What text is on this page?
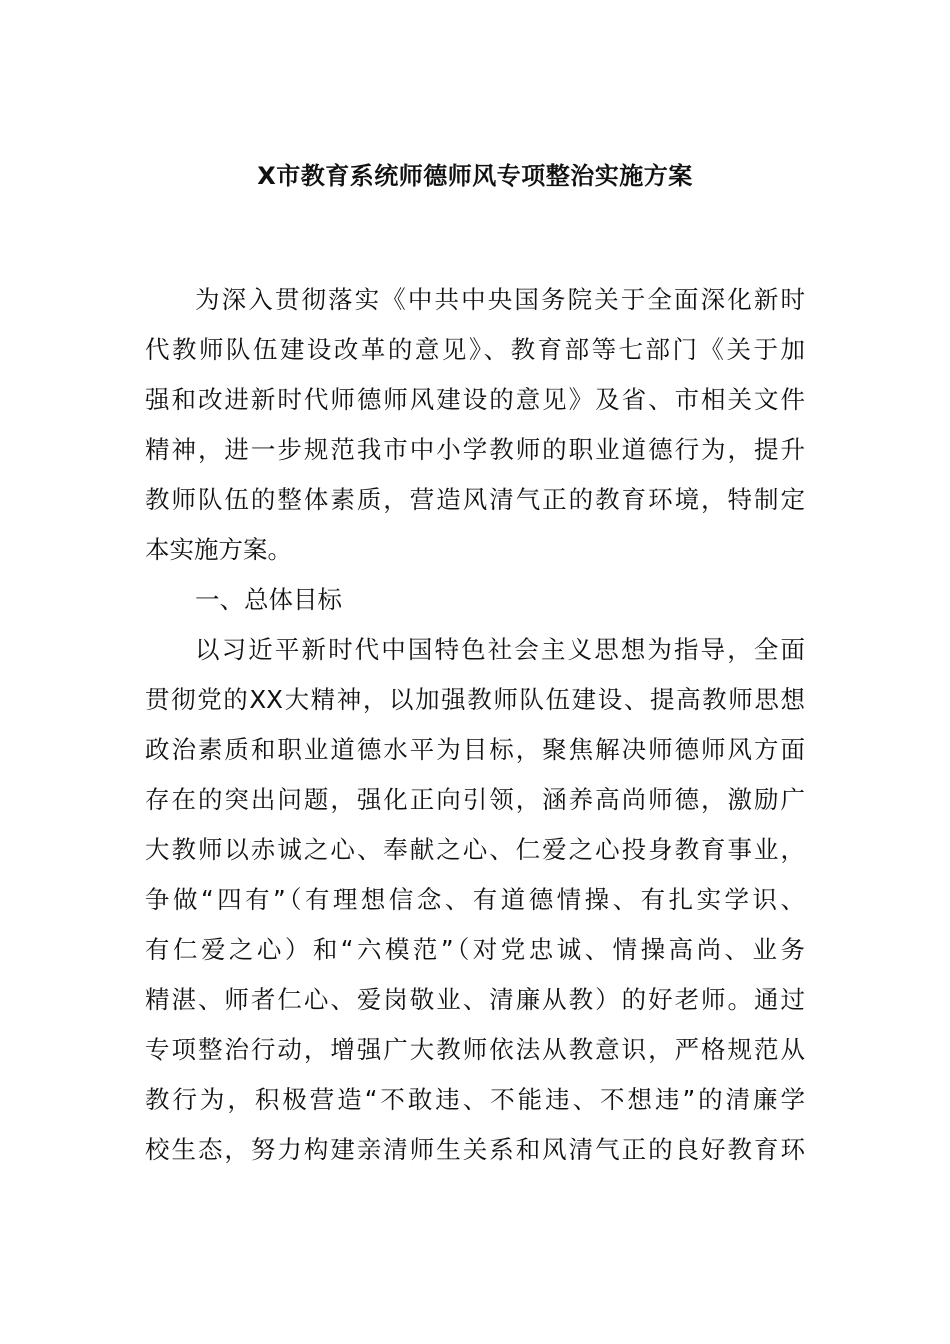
X市教育系统师德师风专项整治实施方案

为深入贯彻落实《中共中央国务院关于全面深化新时

代教师队伍建设改革的意见》、教育部等七部门《关于加

强和改进新时代师德师风建设的意见》及省、市相关文件

精神，进一步规范我市中小学教师的职业道德行为，提升

教师队伍的整体素质，营造风清气正的教育环境，特制定

本实施方案。

一、总体目标

以习近平新时代中国特色社会主义思想为指导，全面

贯彻党的XX大精神，以加强教师队伍建设、提高教师思想

政治素质和职业道德水平为目标，聚焦解决师德师风方面

存在的突出问题，强化正向引领，涵养高尚师德，激励广

大教师以赤诚之心、奉献之心、仁爱之心投身教育事业，

争做“四有”（有理想信念、有道德情操、有扎实学识、

有仁爱之心）和“六模范”（对党忠诚、情操高尚、业务

精湛、师者仁心、爱岗敬业、清廉从教）的好老师。通过

专项整治行动，增强广大教师依法从教意识，严格规范从

教行为，积极营造“不敢违、不能违、不想违”的清廉学

校生态，努力构建亲清师生关系和风清气正的良好教育环
